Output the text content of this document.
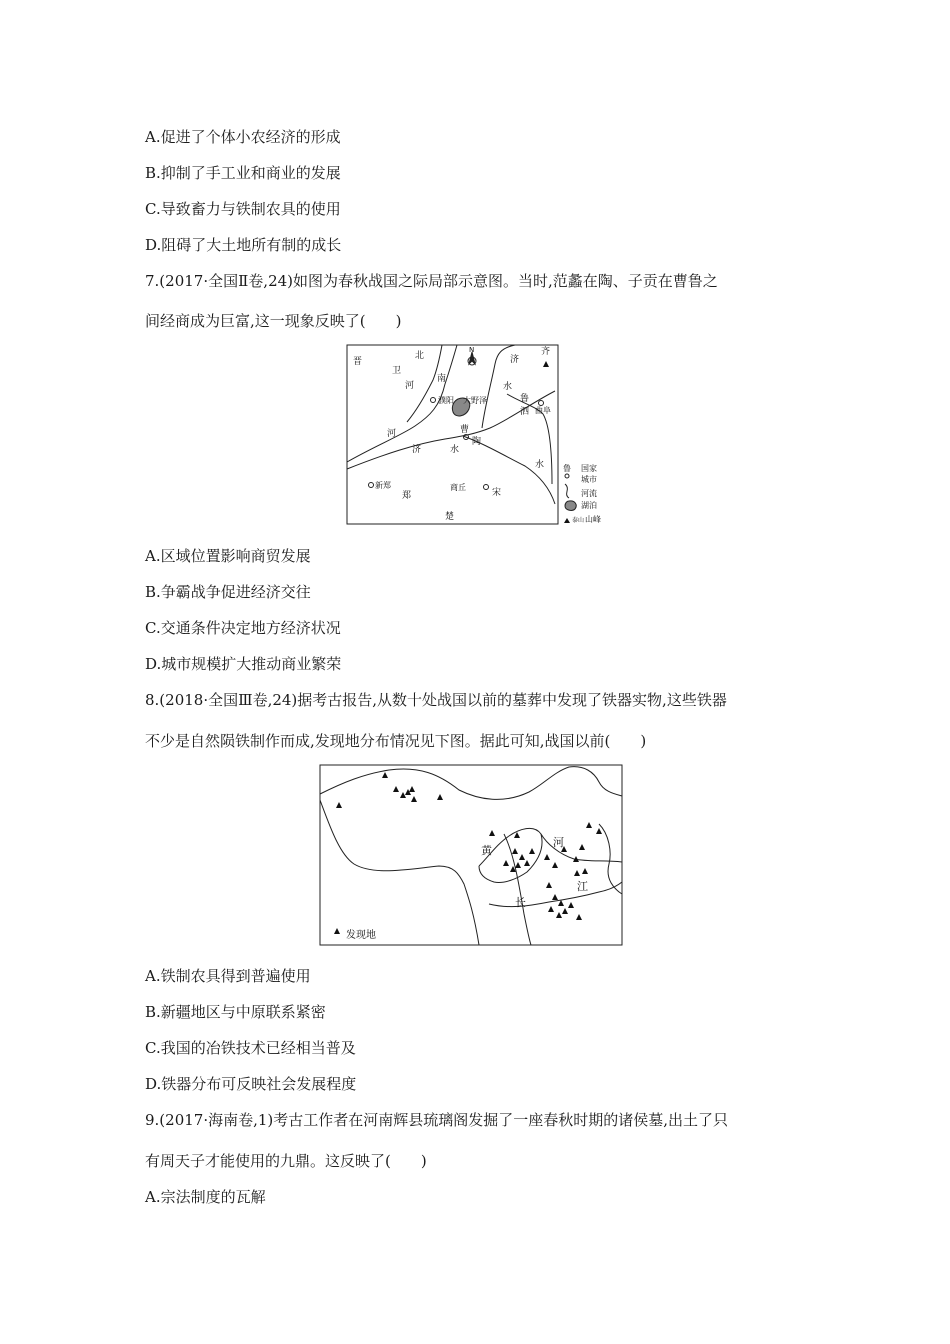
A.促进了个体小农经济的形成
B.抑制了手工业和商业的发展
C.导致畜力与铁制农具的使用
D.阻碍了大土地所有制的成长
7.(2017·全国Ⅱ卷,24)如图为春秋战国之际局部示意图。当时,范蠡在陶、子贡在曹鲁之
间经商成为巨富,这一现象反映了(　　)
晋
卫
北
河
南
N
济
水
齐
鲁
泗
濮阳 大野泽
曲阜
曹
陶
河
济	水
水
新郑
郑
商丘
宋
楚
鲁 国家
城市
河流
湖泊
泰山 山峰
A.区域位置影响商贸发展
B.争霸战争促进经济交往
C.交通条件决定地方经济状况
D.城市规模扩大推动商业繁荣
8.(2018·全国Ⅲ卷,24)据考古报告,从数十处战国以前的墓葬中发现了铁器实物,这些铁器
不少是自然陨铁制作而成,发现地分布情况见下图。据此可知,战国以前(　　)
黄
河
长
江
发现地
A.铁制农具得到普遍使用
B.新疆地区与中原联系紧密
C.我国的冶铁技术已经相当普及
D.铁器分布可反映社会发展程度
9.(2017·海南卷,1)考古工作者在河南辉县琉璃阁发掘了一座春秋时期的诸侯墓,出土了只
有周天子才能使用的九鼎。这反映了(　　)
A.宗法制度的瓦解
